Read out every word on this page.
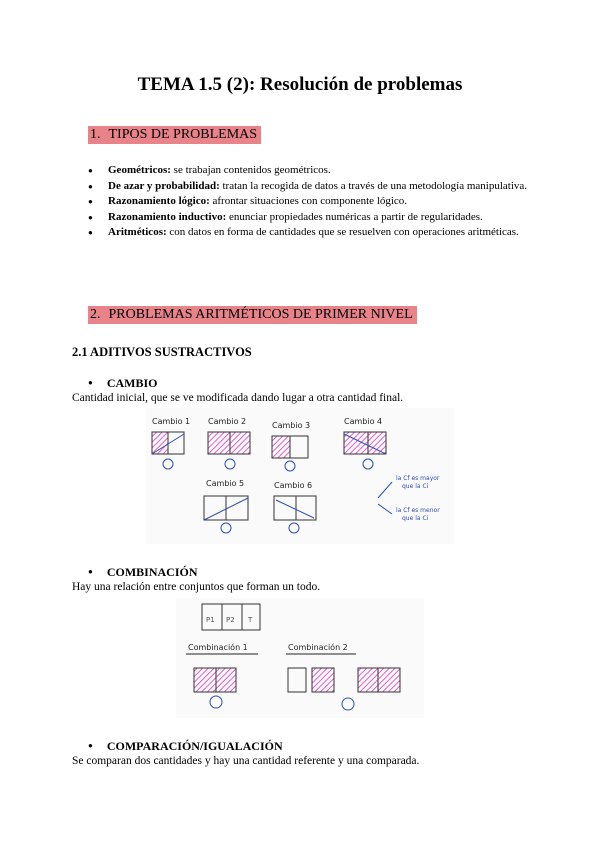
TEMA 1.5 (2): Resolución de problemas
1. TIPOS DE PROBLEMAS
● Geométricos: se trabajan contenidos geométricos.
● De azar y probabilidad: tratan la recogida de datos a través de una metodología manipulativa.
● Razonamiento lógico: afrontar situaciones con componente lógico.
● Razonamiento inductivo: enunciar propiedades numéricas a partir de regularidades.
● Aritméticos: con datos en forma de cantidades que se resuelven con operaciones aritméticas.
2. PROBLEMAS ARITMÉTICOS DE PRIMER NIVEL
2.1 ADITIVOS SUSTRACTIVOS
● CAMBIO
Cantidad inicial, que se ve modificada dando lugar a otra cantidad final.
Cambio 1 Cambio 2	Cambio 3	Cambio 4
Cambio 5	Cambio 6
la Cf es mayor
que la Ci
la Cf es menor
que la Ci
● COMBINACIÓN
Hay una relación entre conjuntos que forman un todo.
P1 P2 T
Combinación 1	Combinación 2
● COMPARACIÓN/IGUALACIÓN
Se comparan dos cantidades y hay una cantidad referente y una comparada.
